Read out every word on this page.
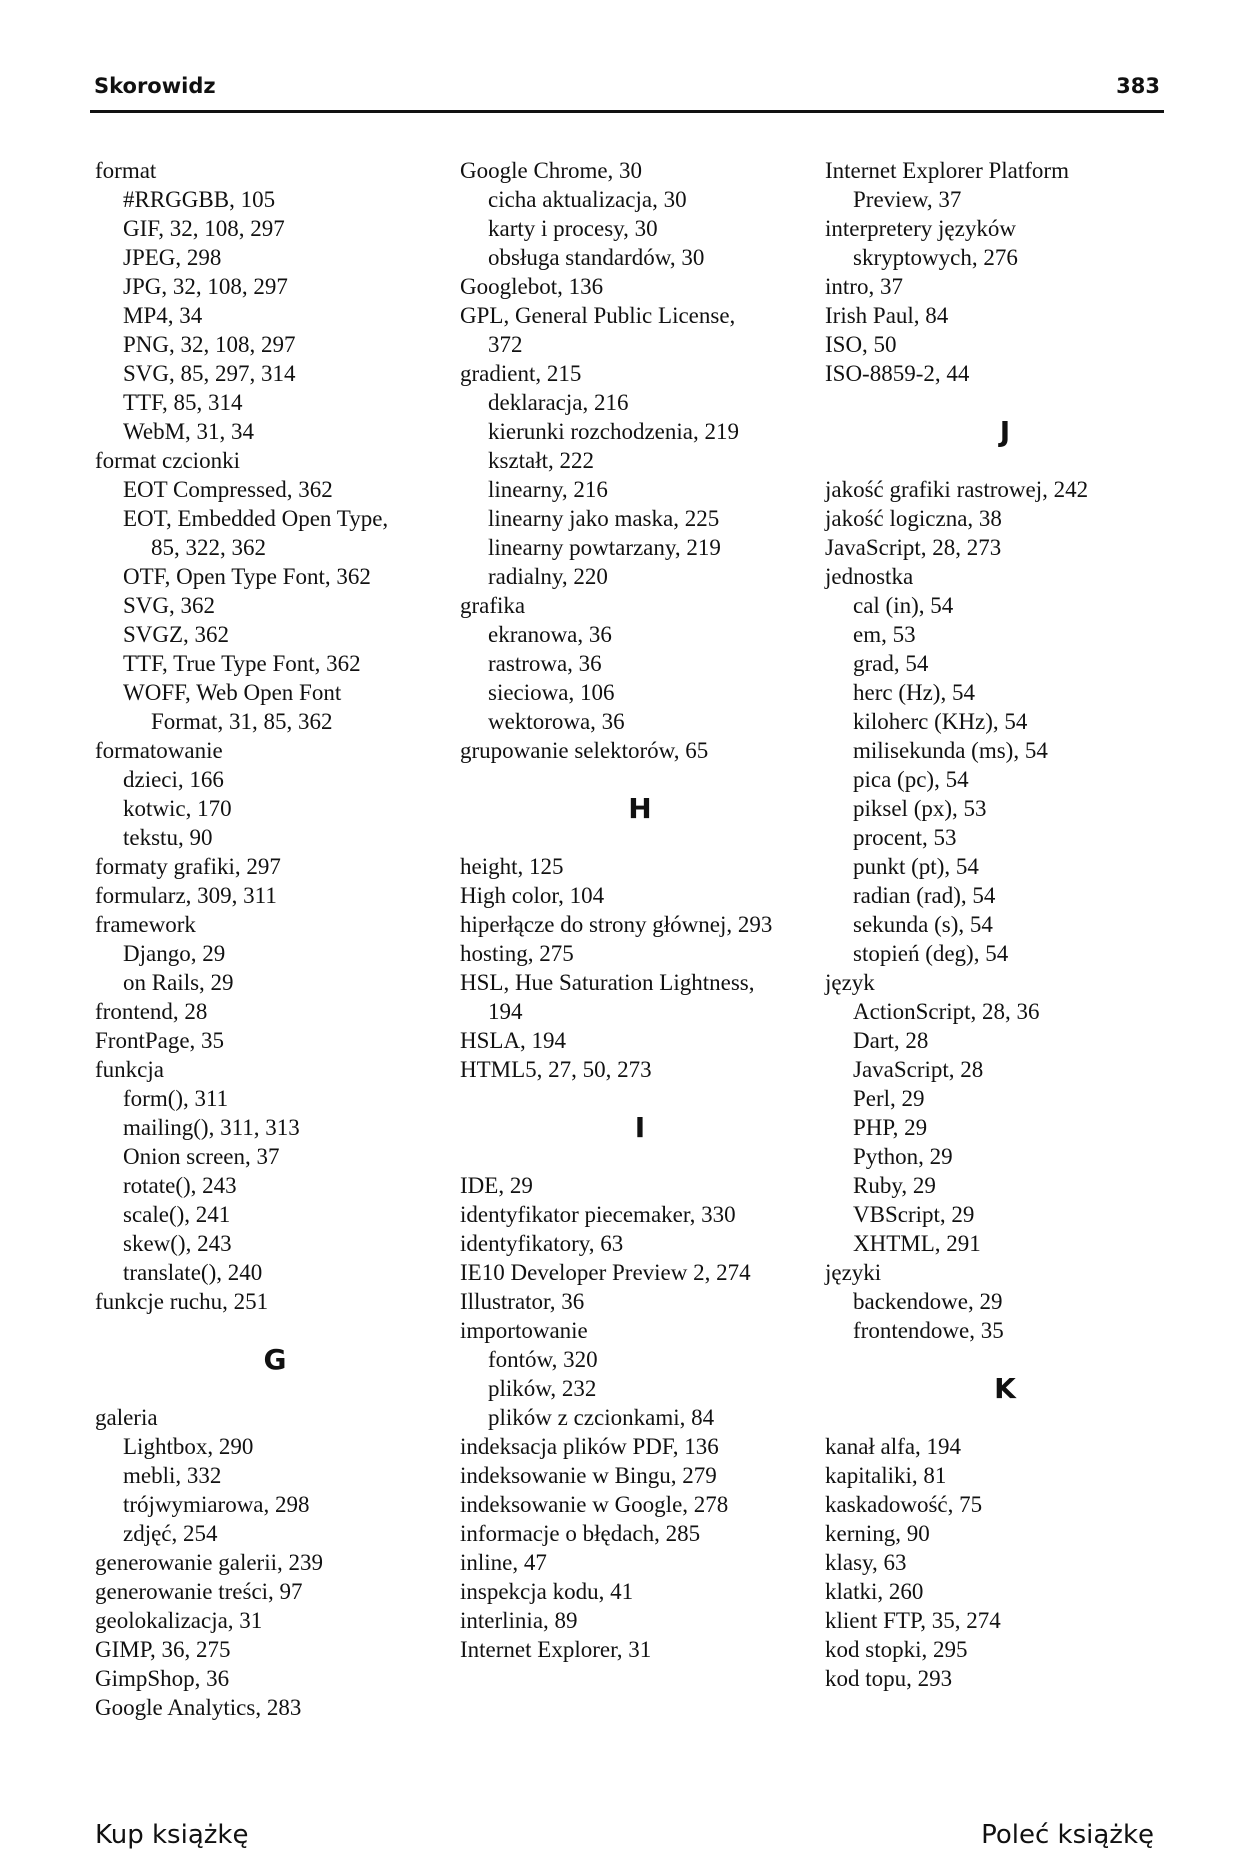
Skorowidz	383
format
#RRGGBB, 105
GIF, 32, 108, 297
JPEG, 298
JPG, 32, 108, 297
MP4, 34
PNG, 32, 108, 297
SVG, 85, 297, 314
TTF, 85, 314
WebM, 31, 34
format czcionki
EOT Compressed, 362
EOT, Embedded Open Type,
85, 322, 362
OTF, Open Type Font, 362
SVG, 362
SVGZ, 362
TTF, True Type Font, 362
WOFF, Web Open Font
Format, 31, 85, 362
formatowanie
dzieci, 166
kotwic, 170
tekstu, 90
formaty grafiki, 297
formularz, 309, 311
framework
Django, 29
on Rails, 29
frontend, 28
FrontPage, 35
funkcja
form(), 311
mailing(), 311, 313
Onion screen, 37
rotate(), 243
scale(), 241
skew(), 243
translate(), 240
funkcje ruchu, 251
G
galeria
Lightbox, 290
mebli, 332
trójwymiarowa, 298
zdjęć, 254
generowanie galerii, 239
generowanie treści, 97
geolokalizacja, 31
GIMP, 36, 275
GimpShop, 36
Google Analytics, 283
Google Chrome, 30
cicha aktualizacja, 30
karty i procesy, 30
obsługa standardów, 30
Googlebot, 136
GPL, General Public License,
372
gradient, 215
deklaracja, 216
kierunki rozchodzenia, 219
kształt, 222
linearny, 216
linearny jako maska, 225
linearny powtarzany, 219
radialny, 220
grafika
ekranowa, 36
rastrowa, 36
sieciowa, 106
wektorowa, 36
grupowanie selektorów, 65
H
height, 125
High color, 104
hiperłącze do strony głównej, 293
hosting, 275
HSL, Hue Saturation Lightness,
194
HSLA, 194
HTML5, 27, 50, 273
I
IDE, 29
identyfikator piecemaker, 330
identyfikatory, 63
IE10 Developer Preview 2, 274
Illustrator, 36
importowanie
fontów, 320
plików, 232
plików z czcionkami, 84
indeksacja plików PDF, 136
indeksowanie w Bingu, 279
indeksowanie w Google, 278
informacje o błędach, 285
inline, 47
inspekcja kodu, 41
interlinia, 89
Internet Explorer, 31
Internet Explorer Platform
Preview, 37
interpretery języków
skryptowych, 276
intro, 37
Irish Paul, 84
ISO, 50
ISO-8859-2, 44
J
jakość grafiki rastrowej, 242
jakość logiczna, 38
JavaScript, 28, 273
jednostka
cal (in), 54
em, 53
grad, 54
herc (Hz), 54
kiloherc (KHz), 54
milisekunda (ms), 54
pica (pc), 54
piksel (px), 53
procent, 53
punkt (pt), 54
radian (rad), 54
sekunda (s), 54
stopień (deg), 54
język
ActionScript, 28, 36
Dart, 28
JavaScript, 28
Perl, 29
PHP, 29
Python, 29
Ruby, 29
VBScript, 29
XHTML, 291
języki
backendowe, 29
frontendowe, 35
K
kanał alfa, 194
kapitaliki, 81
kaskadowość, 75
kerning, 90
klasy, 63
klatki, 260
klient FTP, 35, 274
kod stopki, 295
kod topu, 293
Kup książkę	Poleć książkę
